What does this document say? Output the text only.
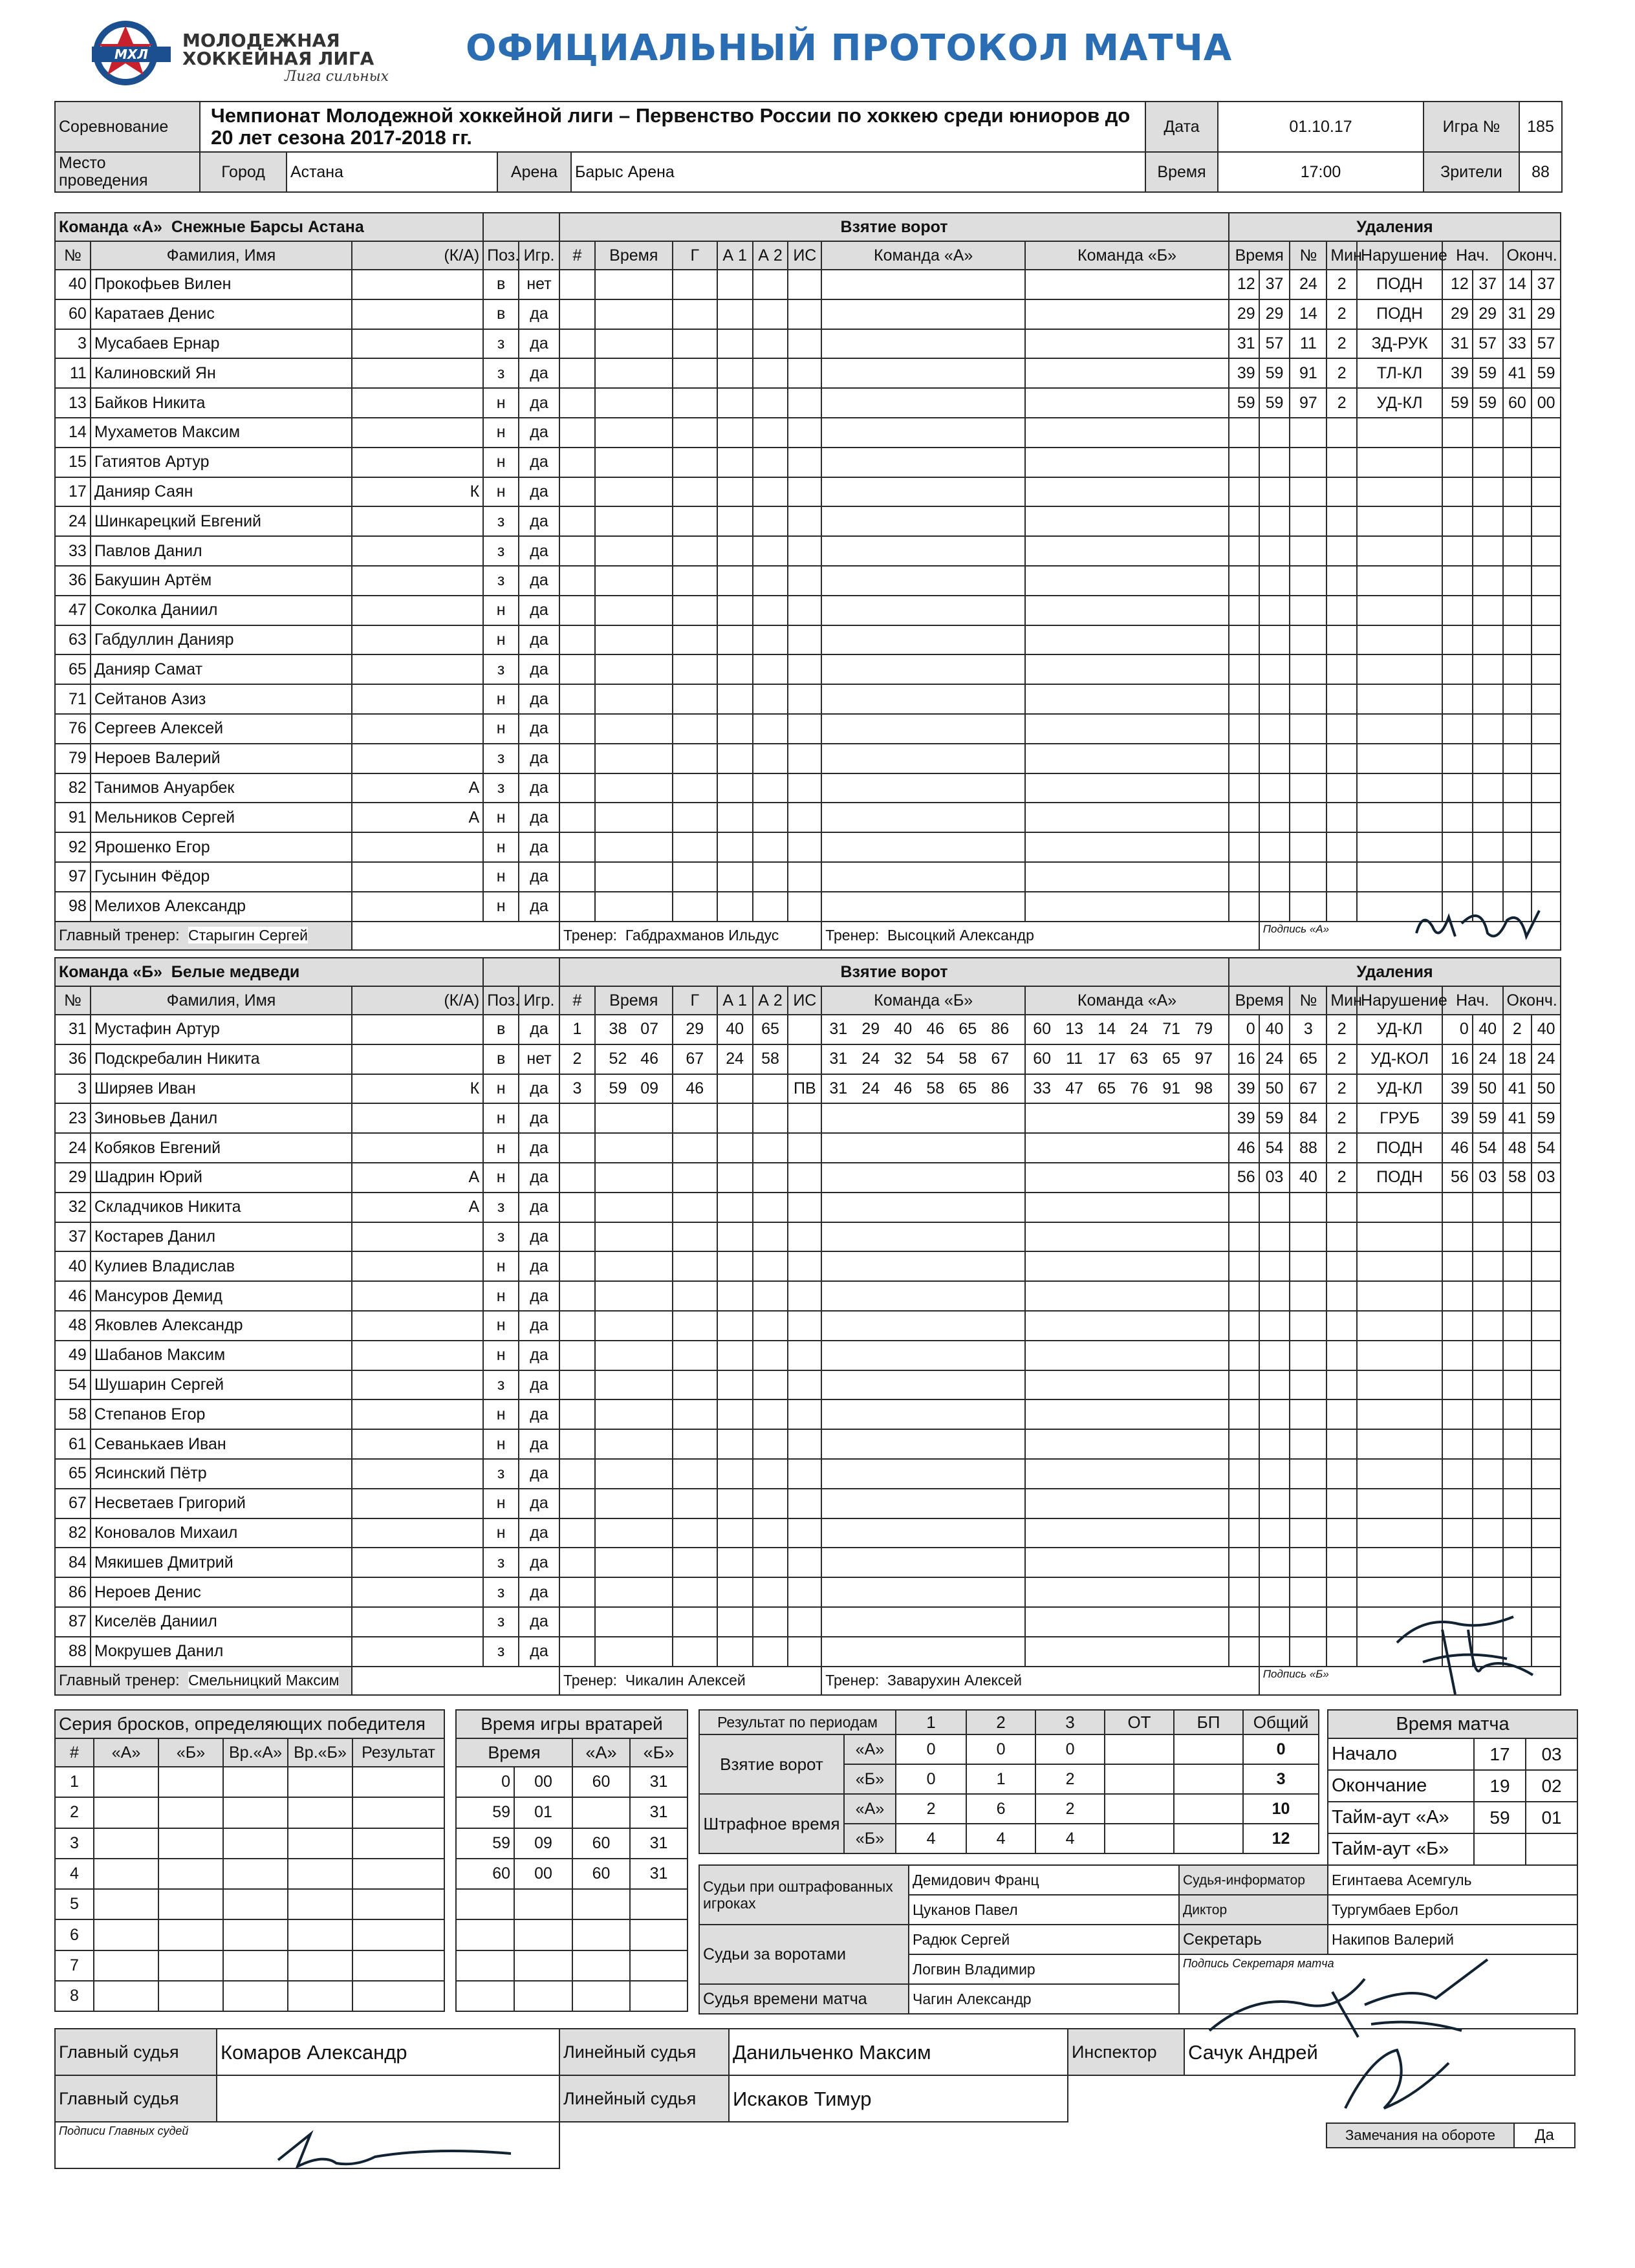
МХЛ
МОЛОДЕЖНАЯ
ХОККЕЙНАЯ ЛИГА
Лига сильных
ОФИЦИАЛЬНЫЙ ПРОТОКОЛ МАТЧА
Соревнование	Чемпионат Молодежной хоккейной лиги – Первенство России по хоккею среди юниоров до 20 лет сезона 2017-2018 гг.				Дата	01.10.17	Игра №	185
Место проведения	Город	Астана	Арена	Барыс Арена	Время	17:00	Зрители	88
Команда «А» Снежные Барсы Астана					Взятие ворот								Удаления								
№	Фамилия, Имя	(К/А)	Поз.	Игр.	#	Время	Г	А 1	А 2	ИС	Команда «А»	Команда «Б»	Время		№	Мин	Нарушение	Нач.		Оконч.	
40	Прокофьев Вилен		в	нет									12	37	24	2	ПОДН	12	37	14	37
60	Каратаев Денис		в	да									29	29	14	2	ПОДН	29	29	31	29
3	Мусабаев Ернар		з	да									31	57	11	2	ЗД-РУК	31	57	33	57
11	Калиновский Ян		з	да									39	59	91	2	ТЛ-КЛ	39	59	41	59
13	Байков Никита		н	да									59	59	97	2	УД-КЛ	59	59	60	00
14	Мухаметов Максим		н	да																	
15	Гатиятов Артур		н	да																	
17	Данияр Саян	К	н	да																	
24	Шинкарецкий Евгений		з	да																	
33	Павлов Данил		з	да																	
36	Бакушин Артём		з	да																	
47	Соколка Даниил		н	да																	
63	Габдуллин Данияр		н	да																	
65	Данияр Самат		з	да																	
71	Сейтанов Азиз		н	да																	
76	Сергеев Алексей		н	да																	
79	Нероев Валерий		з	да																	
82	Танимов Ануарбек	А	з	да																	
91	Мельников Сергей	А	н	да																	
92	Ярошенко Егор		н	да																	
97	Гусынин Фёдор		н	да																	
98	Мелихов Александр		н	да																	
Главный тренер: Старыгин Сергей					Тренер: Габдрахманов Ильдус						Тренер: Высоцкий Александр			Подпись «А»							
Команда «Б» Белые медведи					Взятие ворот								Удаления								
№	Фамилия, Имя	(К/А)	Поз.	Игр.	#	Время	Г	А 1	А 2	ИС	Команда «Б»	Команда «А»	Время		№	Мин	Нарушение	Нач.		Оконч.	
31	Мустафин Артур		в	да	1	38 07	29	40	65		31 29 40 46 65 86	60 13 14 24 71 79	0	40	3	2	УД-КЛ	0	40	2	40
36	Подскребалин Никита		в	нет	2	52 46	67	24	58		31 24 32 54 58 67	60 11 17 63 65 97	16	24	65	2	УД-КОЛ	16	24	18	24
3	Ширяев Иван	К	н	да	3	59 09	46			ПВ	31 24 46 58 65 86	33 47 65 76 91 98	39	50	67	2	УД-КЛ	39	50	41	50
23	Зиновьев Данил		н	да									39	59	84	2	ГРУБ	39	59	41	59
24	Кобяков Евгений		н	да									46	54	88	2	ПОДН	46	54	48	54
29	Шадрин Юрий	А	н	да									56	03	40	2	ПОДН	56	03	58	03
32	Складчиков Никита	А	з	да																	
37	Костарев Данил		з	да																	
40	Кулиев Владислав		н	да																	
46	Мансуров Демид		н	да																	
48	Яковлев Александр		н	да																	
49	Шабанов Максим		н	да																	
54	Шушарин Сергей		з	да																	
58	Степанов Егор		н	да																	
61	Севанькаев Иван		н	да																	
65	Ясинский Пётр		з	да																	
67	Несветаев Григорий		н	да																	
82	Коновалов Михаил		н	да																	
84	Мякишев Дмитрий		з	да																	
86	Нероев Денис		з	да																	
87	Киселёв Даниил		з	да																	
88	Мокрушев Данил		з	да																	
Главный тренер: Смельницкий Максим					Тренер: Чикалин Алексей						Тренер: Заварухин Алексей			Подпись «Б»							
Серия бросков, определяющих победителя					
#	«А»	«Б»	Вр.«А»	Вр.«Б»	Результат
1					
2					
3					
4					
5					
6					
7					
8					
Время игры вратарей			
Время		«А»	«Б»
0	00	60	31
59	01		31
59	09	60	31
60	00	60	31

Результат по периодам		1	2	3	ОТ	БП	Общий
Взятие ворот	«А»	0	0	0			0
	«Б»	0	1	2			3
Штрафное время	«А»	2	6	2			10
	«Б»	4	4	4			12
Судьи при оштрафованных игроках	Демидович Франц	Судья-информатор	Егинтаева Асемгуль
	Цуканов Павел	Диктор	Тургумбаев Ербол
Судьи за воротами	Радюк Сергей	Секретарь	Накипов Валерий
	Логвин Владимир	Подпись Секретаря матча	
Судья времени матча	Чагин Александр		
Время матча		
Начало	17	03
Окончание	19	02
Тайм-аут «А»	59	01
Тайм-аут «Б»		
Главный судья	Комаров Александр	Линейный судья	Данильченко Максим
Главный судья		Линейный судья	Искаков Тимур
Подписи Главных судей			
Инспектор	Сачук Андрей
Замечания на обороте	Да
